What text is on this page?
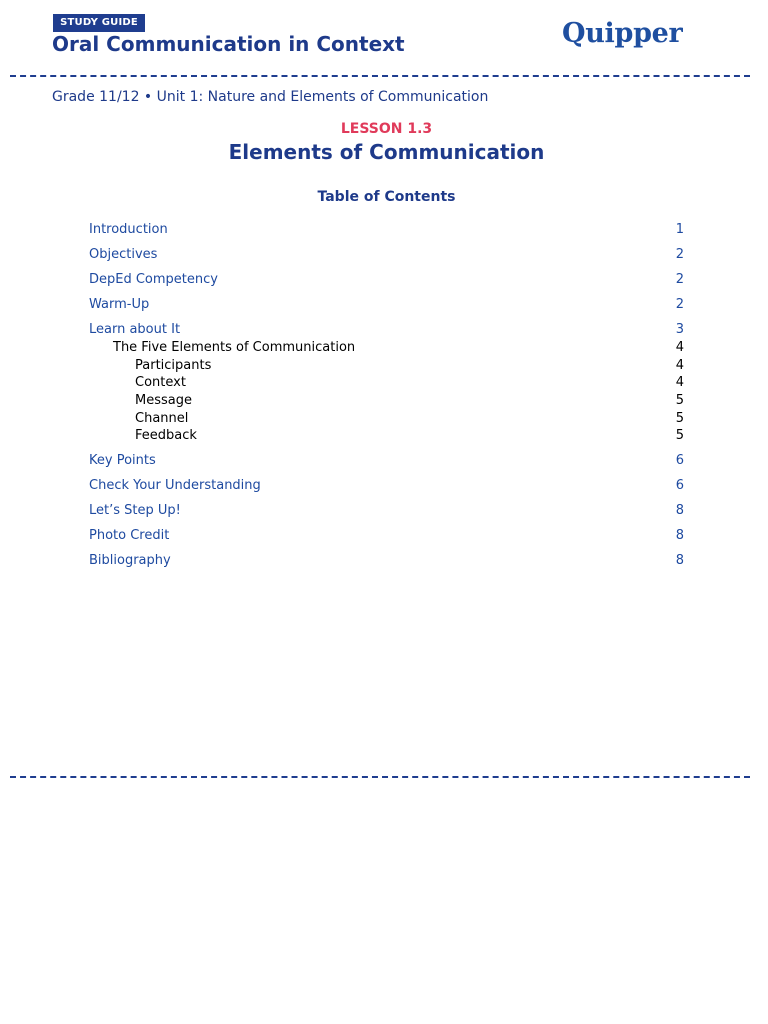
STUDY GUIDE
Oral Communication in Context	Quipper
Grade 11/12 • Unit 1: Nature and Elements of Communication
LESSON 1.3
Elements of Communication
Table of Contents
Introduction	1
Objectives	2
DepEd Competency	2
Warm-Up	2
Learn about It	3
The Five Elements of Communication	4
Participants	4
Context	4
Message	5
Channel	5
Feedback	5
Key Points	6
Check Your Understanding	6
Let’s Step Up!	8
Photo Credit	8
Bibliography	8
